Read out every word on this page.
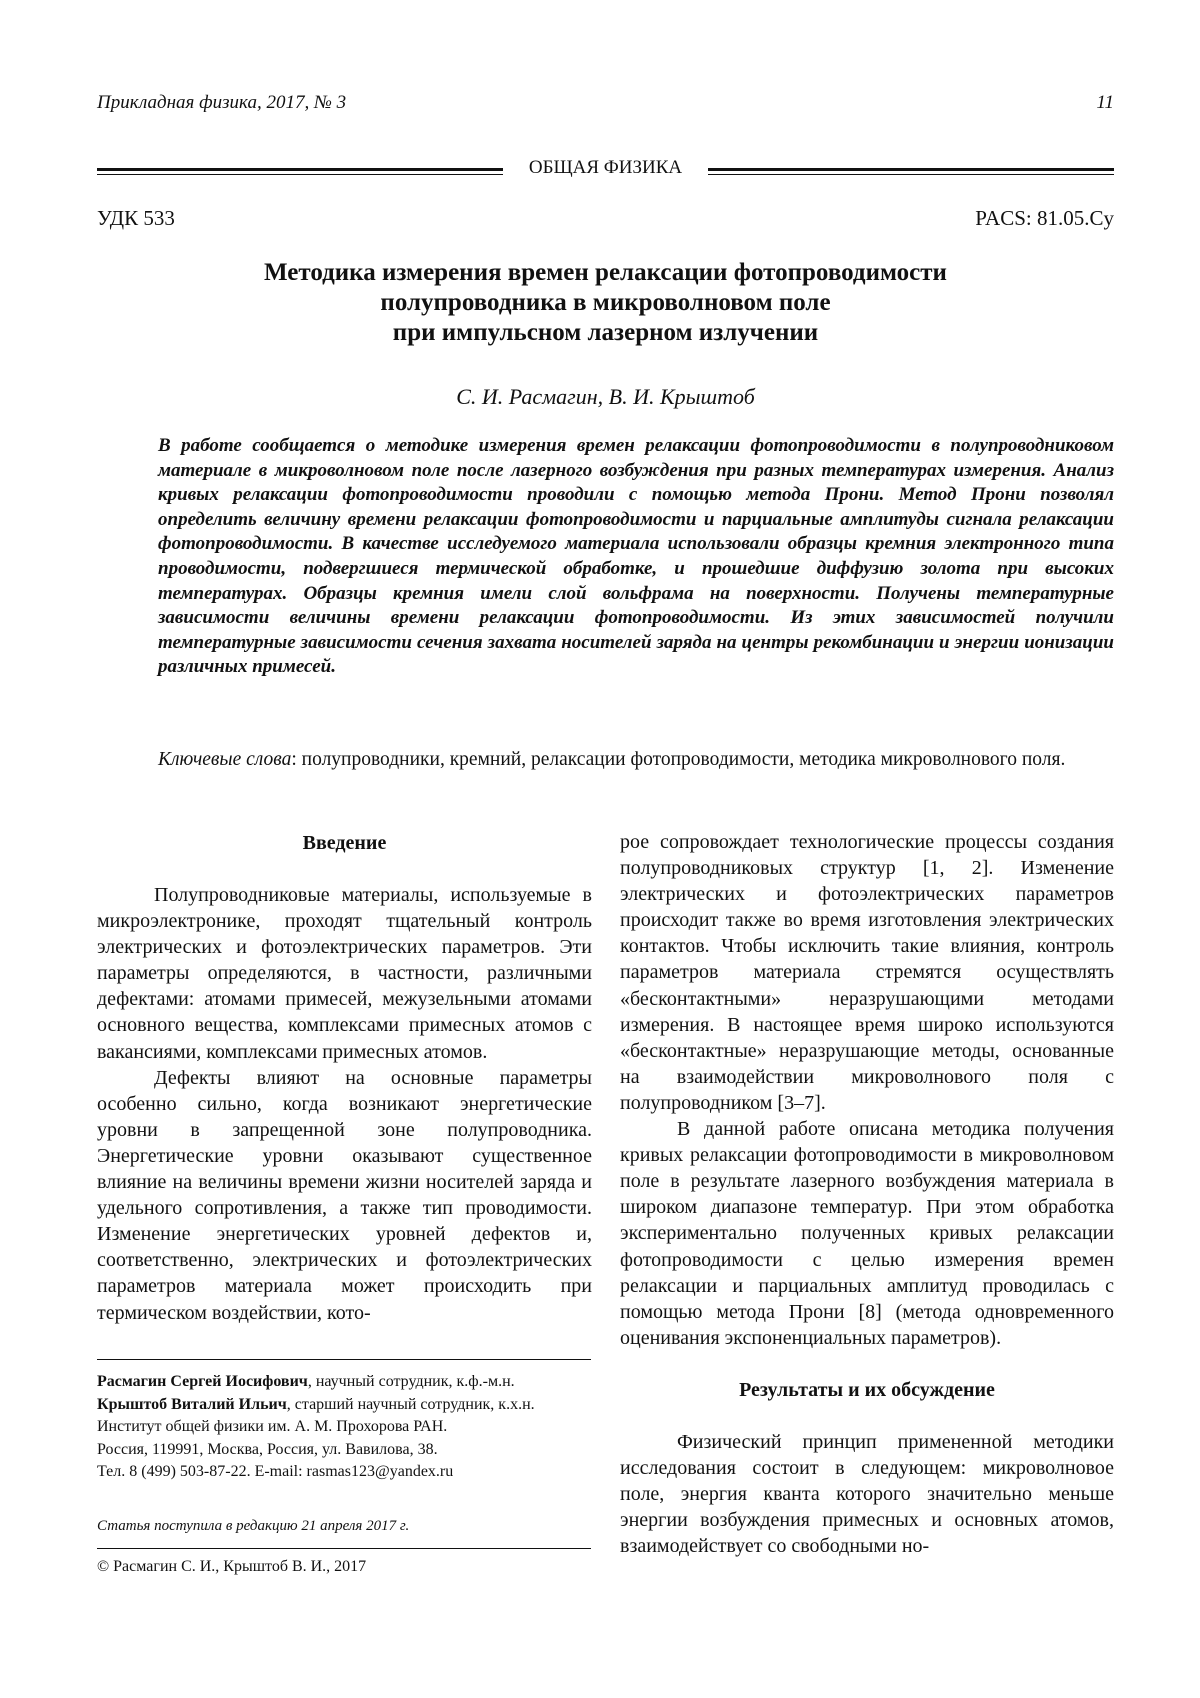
Прикладная физика, 2017, № 3	11
ОБЩАЯ ФИЗИКА
УДК 533	PACS: 81.05.Cy
Методика измерения времен релаксации фотопроводимости
полупроводника в микроволновом поле
при импульсном лазерном излучении
С. И. Расмагин, В. И. Крыштоб
В работе сообщается о методике измерения времен релаксации фотопроводимости в полупроводниковом материале в микроволновом поле после лазерного возбуждения при разных температурах измерения. Анализ кривых релаксации фотопроводимости проводили с помощью метода Прони. Метод Прони позволял определить величину времени релаксации фотопроводимости и парциальные амплитуды сигнала релаксации фотопроводимости. В качестве исследуемого материала использовали образцы кремния электронного типа проводимости, подвергшиеся термической обработке, и прошедшие диффузию золота при высоких температурах. Образцы кремния имели слой вольфрама на поверхности. Получены температурные зависимости величины времени релаксации фотопроводимости. Из этих зависимостей получили температурные зависимости сечения захвата носителей заряда на центры рекомбинации и энергии ионизации различных примесей.
Ключевые слова: полупроводники, кремний, релаксации фотопроводимости, методика микроволнового поля.
Введение

Полупроводниковые материалы, используемые в микроэлектронике, проходят тщательный контроль электрических и фотоэлектрических параметров. Эти параметры определяются, в частности, различными дефектами: атомами примесей, межузельными атомами основного вещества, комплексами примесных атомов с вакансиями, комплексами примесных атомов.

Дефекты влияют на основные параметры особенно сильно, когда возникают энергетические уровни в запрещенной зоне полупроводника. Энергетические уровни оказывают существенное влияние на величины времени жизни носителей заряда и удельного сопротивления, а также тип проводимости. Изменение энергетических уровней дефектов и, соответственно, электрических и фотоэлектрических параметров материала может происходить при термическом воздействии, кото-

рое сопровождает технологические процессы создания полупроводниковых структур [1, 2]. Изменение электрических и фотоэлектрических параметров происходит также во время изготовления электрических контактов. Чтобы исключить такие влияния, контроль параметров материала стремятся осуществлять «бесконтактными» неразрушающими методами измерения. В настоящее время широко используются «бесконтактные» неразрушающие методы, основанные на взаимодействии микроволнового поля с полупроводником [3–7].

В данной работе описана методика получения кривых релаксации фотопроводимости в микроволновом поле в результате лазерного возбуждения материала в широком диапазоне температур. При этом обработка экспериментально полученных кривых релаксации фотопроводимости с целью измерения времен релаксации и парциальных амплитуд проводилась с помощью метода Прони [8] (метода одновременного оценивания экспоненциальных параметров).

Результаты и их обсуждение

Физический принцип примененной методики исследования состоит в следующем: микроволновое поле, энергия кванта которого значительно меньше энергии возбуждения примесных и основных атомов, взаимодействует со свободными но-

Расмагин Сергей Иосифович, научный сотрудник, к.ф.-м.н.
Крыштоб Виталий Ильич, старший научный сотрудник, к.х.н.
Институт общей физики им. А. М. Прохорова РАН.
Россия, 119991, Москва, Россия, ул. Вавилова, 38.
Тел. 8 (499) 503-87-22. E-mail: rasmas123@yandex.ru
Статья поступила в редакцию 21 апреля 2017 г.
© Расмагин С. И., Крыштоб В. И., 2017
